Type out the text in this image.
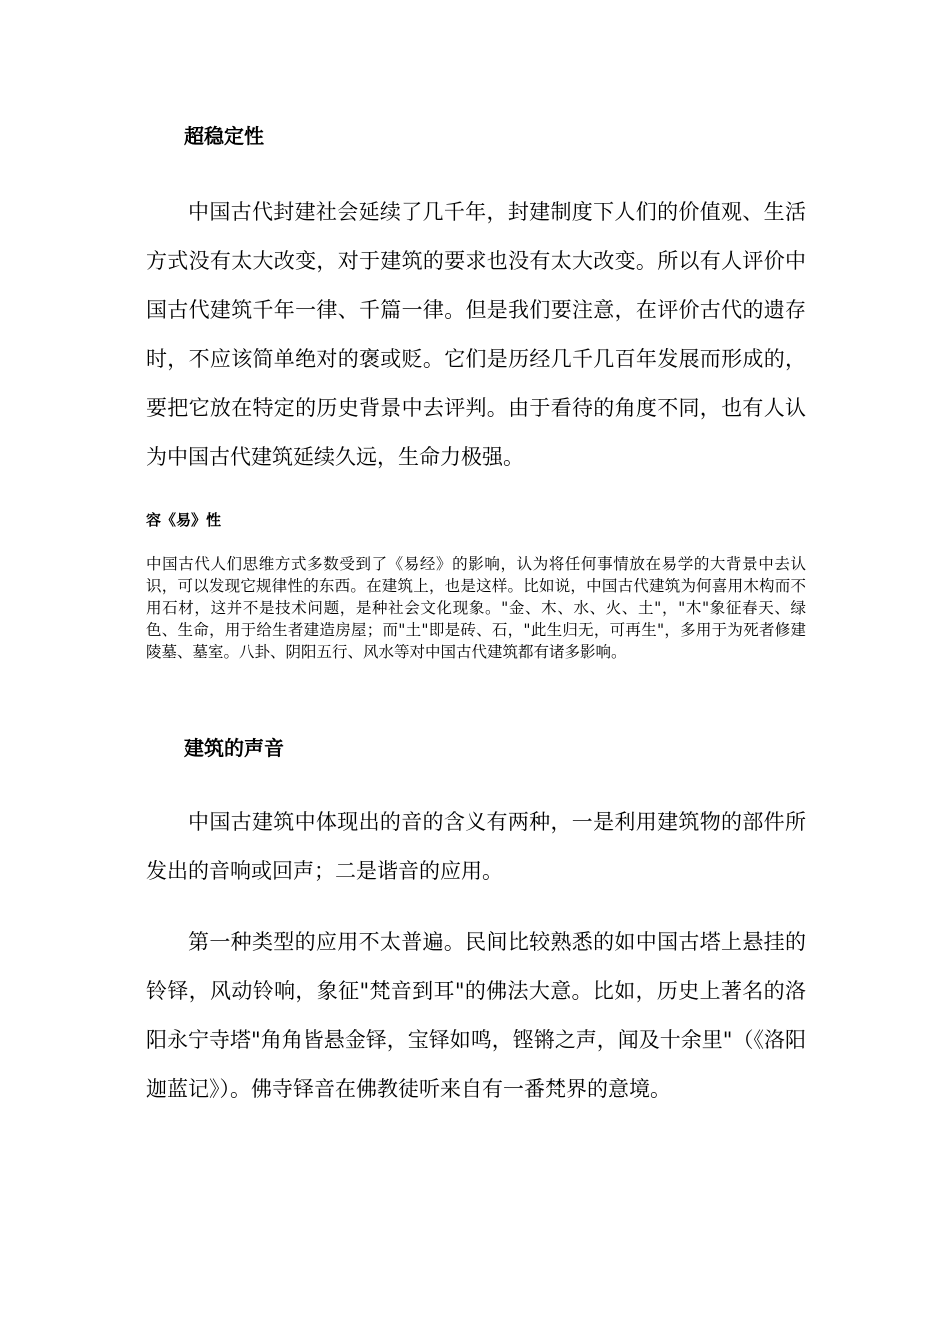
超稳定性

中国古代封建社会延续了几千年，封建制度下人们的价值观、生活方式没有太大改变，对于建筑的要求也没有太大改变。所以有人评价中国古代建筑千年一律、千篇一律。但是我们要注意，在评价古代的遗存时，不应该简单绝对的褒或贬。它们是历经几千几百年发展而形成的，要把它放在特定的历史背景中去评判。由于看待的角度不同，也有人认为中国古代建筑延续久远，生命力极强。

容《易》性

中国古代人们思维方式多数受到了《易经》的影响，认为将任何事情放在易学的大背景中去认识，可以发现它规律性的东西。在建筑上，也是这样。比如说，中国古代建筑为何喜用木构而不用石材，这并不是技术问题，是种社会文化现象。"金、木、水、火、土"，"木"象征春天、绿色、生命，用于给生者建造房屋；而"土"即是砖、石，"此生归无，可再生"，多用于为死者修建陵墓、墓室。八卦、阴阳五行、风水等对中国古代建筑都有诸多影响。

建筑的声音

中国古建筑中体现出的音的含义有两种，一是利用建筑物的部件所发出的音响或回声；二是谐音的应用。

第一种类型的应用不太普遍。民间比较熟悉的如中国古塔上悬挂的铃铎，风动铃响，象征"梵音到耳"的佛法大意。比如，历史上著名的洛阳永宁寺塔"角角皆悬金铎，宝铎如鸣，铿锵之声，闻及十余里"（《洛阳迦蓝记》）。佛寺铎音在佛教徒听来自有一番梵界的意境。
